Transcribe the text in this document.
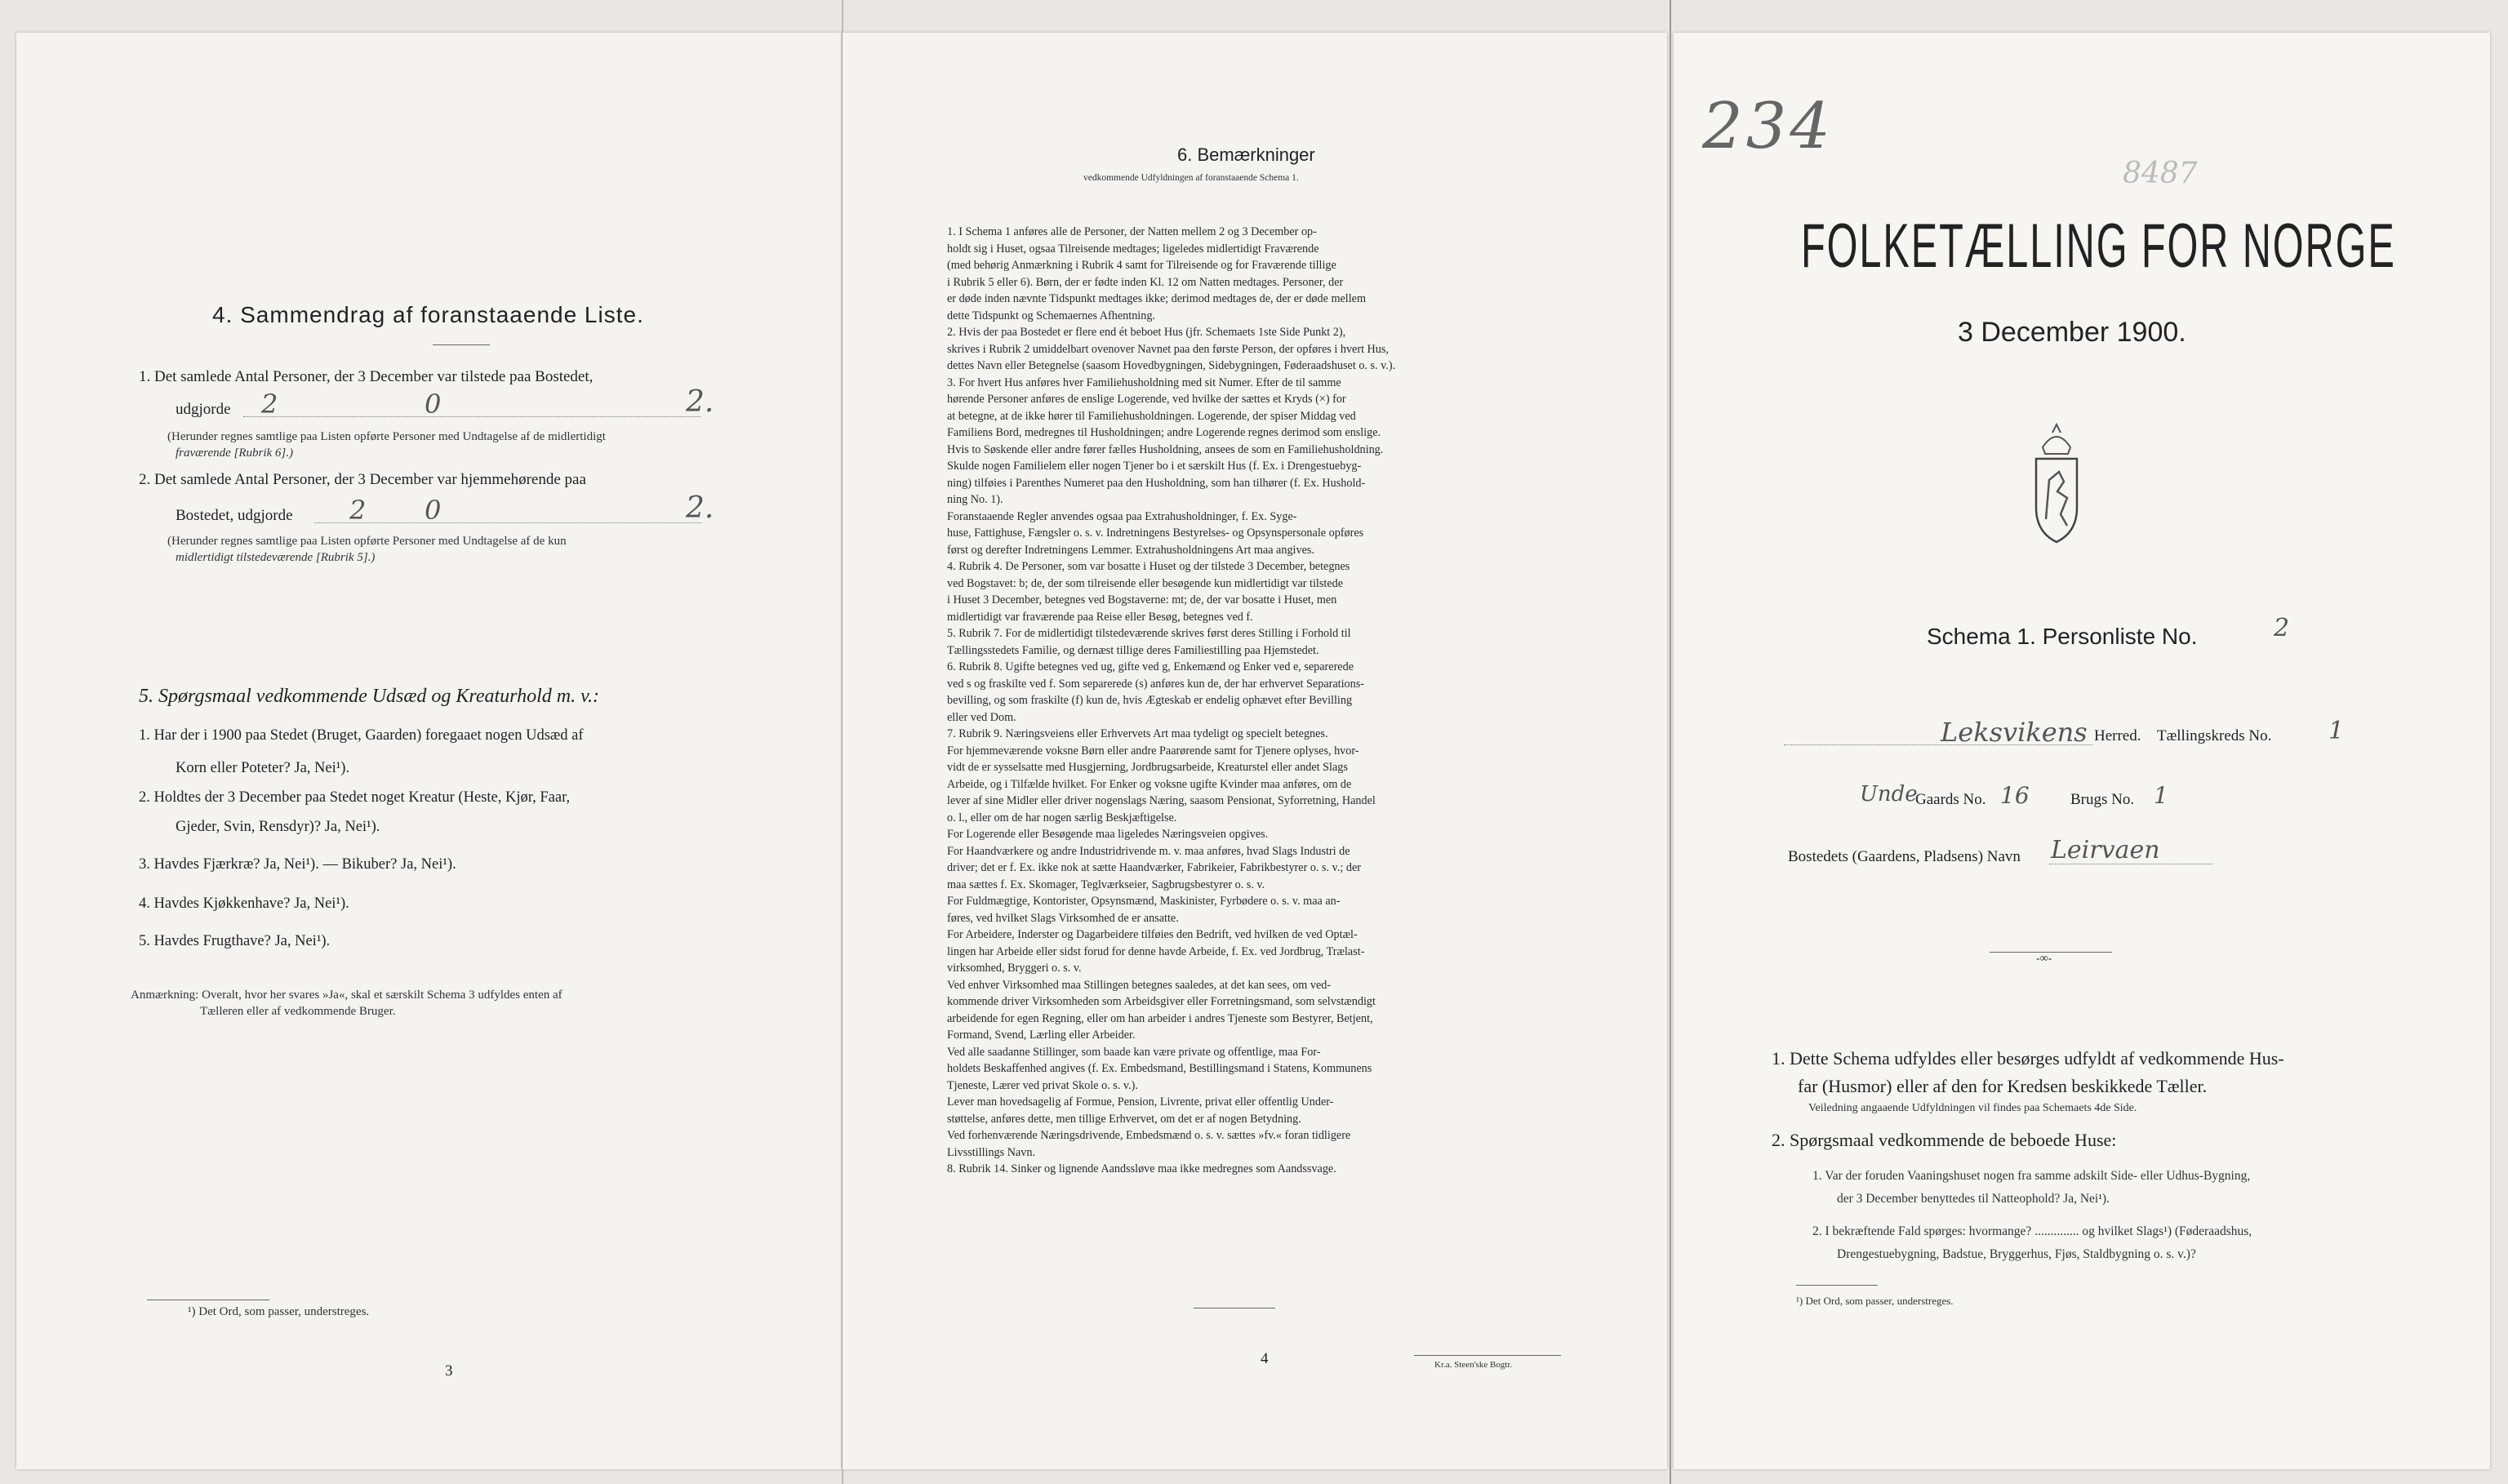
4. Sammendrag af foranstaaende Liste.
1. Det samlede Antal Personer, der 3 December var tilstede paa Bostedet,
udgjorde 2	0	2.
(Herunder regnes samtlige paa Listen opførte Personer med Undtagelse af de midlertidigt
fraværende [Rubrik 6].)
2. Det samlede Antal Personer, der 3 December var hjemmehørende paa
Bostedet, udgjorde 2 0	2.
(Herunder regnes samtlige paa Listen opførte Personer med Undtagelse af de kun
midlertidigt tilstedeværende [Rubrik 5].)
5. Spørgsmaal vedkommende Udsæd og Kreaturhold m. v.:
1. Har der i 1900 paa Stedet (Bruget, Gaarden) foregaaet nogen Udsæd af
Korn eller Poteter? Ja, Nei¹).
2. Holdtes der 3 December paa Stedet noget Kreatur (Heste, Kjør, Faar,
Gjeder, Svin, Rensdyr)? Ja, Nei¹).
3. Havdes Fjærkræ? Ja, Nei¹). — Bikuber? Ja, Nei¹).
4. Havdes Kjøkkenhave? Ja, Nei¹).
5. Havdes Frugthave? Ja, Nei¹).
Anmærkning: Overalt, hvor her svares »Ja«, skal et særskilt Schema 3 udfyldes enten af
Tælleren eller af vedkommende Bruger.
¹) Det Ord, som passer, understreges.
3
6. Bemærkninger
vedkommende Udfyldningen af foranstaaende Schema 1.

1. I Schema 1 anføres alle de Personer, der Natten mellem 2 og 3 December op-

holdt sig i Huset, ogsaa Tilreisende medtages; ligeledes midlertidigt Fraværende

(med behørig Anmærkning i Rubrik 4 samt for Tilreisende og for Fraværende tillige

i Rubrik 5 eller 6). Børn, der er fødte inden Kl. 12 om Natten medtages. Personer, der

er døde inden nævnte Tidspunkt medtages ikke; derimod medtages de, der er døde mellem

dette Tidspunkt og Schemaernes Afhentning.

2. Hvis der paa Bostedet er flere end ét beboet Hus (jfr. Schemaets 1ste Side Punkt 2),

skrives i Rubrik 2 umiddelbart ovenover Navnet paa den første Person, der opføres i hvert Hus,

dettes Navn eller Betegnelse (saasom Hovedbygningen, Sidebygningen, Føderaadshuset o. s. v.).

3. For hvert Hus anføres hver Familiehusholdning med sit Numer. Efter de til samme

hørende Personer anføres de enslige Logerende, ved hvilke der sættes et Kryds (×) for

at betegne, at de ikke hører til Familiehusholdningen. Logerende, der spiser Middag ved

Familiens Bord, medregnes til Husholdningen; andre Logerende regnes derimod som enslige.

Hvis to Søskende eller andre fører fælles Husholdning, ansees de som en Familiehusholdning.

Skulde nogen Familielem eller nogen Tjener bo i et særskilt Hus (f. Ex. i Drengestuebyg-

ning) tilføies i Parenthes Numeret paa den Husholdning, som han tilhører (f. Ex. Hushold-

ning No. 1).

Foranstaaende Regler anvendes ogsaa paa Extrahusholdninger, f. Ex. Syge-

huse, Fattighuse, Fængsler o. s. v. Indretningens Bestyrelses- og Opsynspersonale opføres

først og derefter Indretningens Lemmer. Extrahusholdningens Art maa angives.

4. Rubrik 4. De Personer, som var bosatte i Huset og der tilstede 3 December, betegnes

ved Bogstavet: b; de, der som tilreisende eller besøgende kun midlertidigt var tilstede

i Huset 3 December, betegnes ved Bogstaverne: mt; de, der var bosatte i Huset, men

midlertidigt var fraværende paa Reise eller Besøg, betegnes ved f.

5. Rubrik 7. For de midlertidigt tilstedeværende skrives først deres Stilling i Forhold til

Tællingsstedets Familie, og dernæst tillige deres Familiestilling paa Hjemstedet.

6. Rubrik 8. Ugifte betegnes ved ug, gifte ved g, Enkemænd og Enker ved e, separerede

ved s og fraskilte ved f. Som separerede (s) anføres kun de, der har erhvervet Separations-

bevilling, og som fraskilte (f) kun de, hvis Ægteskab er endelig ophævet efter Bevilling

eller ved Dom.

7. Rubrik 9. Næringsveiens eller Erhvervets Art maa tydeligt og specielt betegnes.

For hjemmeværende voksne Børn eller andre Paarørende samt for Tjenere oplyses, hvor-

vidt de er sysselsatte med Husgjerning, Jordbrugsarbeide, Kreaturstel eller andet Slags

Arbeide, og i Tilfælde hvilket. For Enker og voksne ugifte Kvinder maa anføres, om de

lever af sine Midler eller driver nogenslags Næring, saasom Pensionat, Syforretning, Handel

o. l., eller om de har nogen særlig Beskjæftigelse.

For Logerende eller Besøgende maa ligeledes Næringsveien opgives.

For Haandværkere og andre Industridrivende m. v. maa anføres, hvad Slags Industri de

driver; det er f. Ex. ikke nok at sætte Haandværker, Fabrikeier, Fabrikbestyrer o. s. v.; der

maa sættes f. Ex. Skomager, Teglværkseier, Sagbrugsbestyrer o. s. v.

For Fuldmægtige, Kontorister, Opsynsmænd, Maskinister, Fyrbødere o. s. v. maa an-

føres, ved hvilket Slags Virksomhed de er ansatte.

For Arbeidere, Inderster og Dagarbeidere tilføies den Bedrift, ved hvilken de ved Optæl-

lingen har Arbeide eller sidst forud for denne havde Arbeide, f. Ex. ved Jordbrug, Trælast-

virksomhed, Bryggeri o. s. v.

Ved enhver Virksomhed maa Stillingen betegnes saaledes, at det kan sees, om ved-

kommende driver Virksomheden som Arbeidsgiver eller Forretningsmand, som selvstændigt

arbeidende for egen Regning, eller om han arbeider i andres Tjeneste som Bestyrer, Betjent,

Formand, Svend, Lærling eller Arbeider.

Ved alle saadanne Stillinger, som baade kan være private og offentlige, maa For-

holdets Beskaffenhed angives (f. Ex. Embedsmand, Bestillingsmand i Statens, Kommunens

Tjeneste, Lærer ved privat Skole o. s. v.).

Lever man hovedsagelig af Formue, Pension, Livrente, privat eller offentlig Under-

støttelse, anføres dette, men tillige Erhvervet, om det er af nogen Betydning.

Ved forhenværende Næringsdrivende, Embedsmænd o. s. v. sættes »fv.« foran tidligere

Livsstillings Navn.

8. Rubrik 14. Sinker og lignende Aandssløve maa ikke medregnes som Aandssvage.

4	Kr.a. Steen'ske Bogtr.
234
8487
FOLKETÆLLING FOR NORGE
3 December 1900.
Schema 1. Personliste No.	2
Leksvikens Herred. Tællingskreds No. 1
Unde
Gaards No. 16	Brugs No. 1
Bostedets (Gaardens, Pladsens) Navn Leirvaen
-∞-
1. Dette Schema udfyldes eller besørges udfyldt af vedkommende Hus-
far (Husmor) eller af den for Kredsen beskikkede Tæller.
Veiledning angaaende Udfyldningen vil findes paa Schemaets 4de Side.
2. Spørgsmaal vedkommende de beboede Huse:
1. Var der foruden Vaaningshuset nogen fra samme adskilt Side- eller Udhus-Bygning,
der 3 December benyttedes til Natteophold? Ja, Nei¹).
2. I bekræftende Fald spørges: hvormange? .............. og hvilket Slags¹) (Føderaadshus,
Drengestuebygning, Badstue, Bryggerhus, Fjøs, Staldbygning o. s. v.)?
¹) Det Ord, som passer, understreges.
